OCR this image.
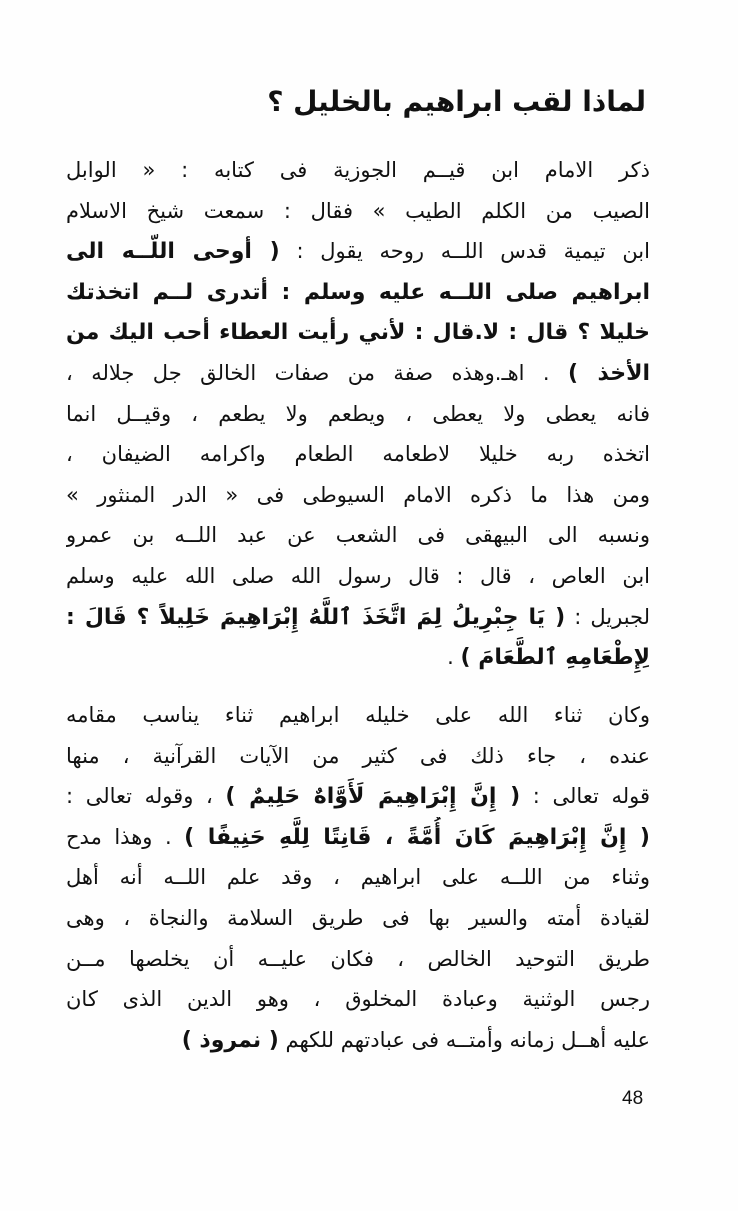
لماذا لقب ابراهيم بالخليل ؟
ذكر الامام ابن قيــم الجوزية فى كتابه : « الوابل
الصيب من الكلم الطيب » فقال : سمعت شيخ الاسلام
ابن تيمية قدس اللــه روحه يقول : ( أوحى اللّــه الى
ابراهيم صلى اللــه عليه وسلم : أتدرى لــم اتخذتك
خليلا ؟ قال : لا.قال : لأني رأيت العطاء أحب اليك من
الأخذ ) . اهـ.وهذه صفة من صفات الخالق جل جلاله ،
فانه يعطى ولا يعطى ، ويطعم ولا يطعم ، وقيــل انما
اتخذه ربه خليلا لاطعامه الطعام واكرامه الضيفان ،
ومن هذا ما ذكره الامام السيوطى فى « الدر المنثور »
ونسبه الى البيهقى فى الشعب عن عبد اللــه بن عمرو
ابن العاص ، قال : قال رسول الله صلى الله عليه وسلم
لجبريل : ( يَا جِبْرِيلُ لِمَ اتَّخَذَ ٱللَّهُ إِبْرَاهِيمَ خَلِيلاً ؟ قَالَ :
لِإِطْعَامِهِ ٱلطَّعَامَ ) .
وكان ثناء الله على خليله ابراهيم ثناء يناسب مقامه
عنده ، جاء ذلك فى كثير من الآيات القرآنية ، منها
قوله تعالى : ( إِنَّ إِبْرَاهِيمَ لَأَوَّاهٌ حَلِيمٌ ) ، وقوله تعالى :
( إِنَّ إِبْرَاهِيمَ كَانَ أُمَّةً ، قَانِتًا لِلَّهِ حَنِيفًا ) . وهذا مدح
وثناء من اللــه على ابراهيم ، وقد علم اللــه أنه أهل
لقيادة أمته والسير بها فى طريق السلامة والنجاة ، وهى
طريق التوحيد الخالص ، فكان عليــه أن يخلصها مــن
رجس الوثنية وعبادة المخلوق ، وهو الدين الذى كان
عليه أهــل زمانه وأمتــه فى عبادتهم للكهم ( نمروذ )
48
